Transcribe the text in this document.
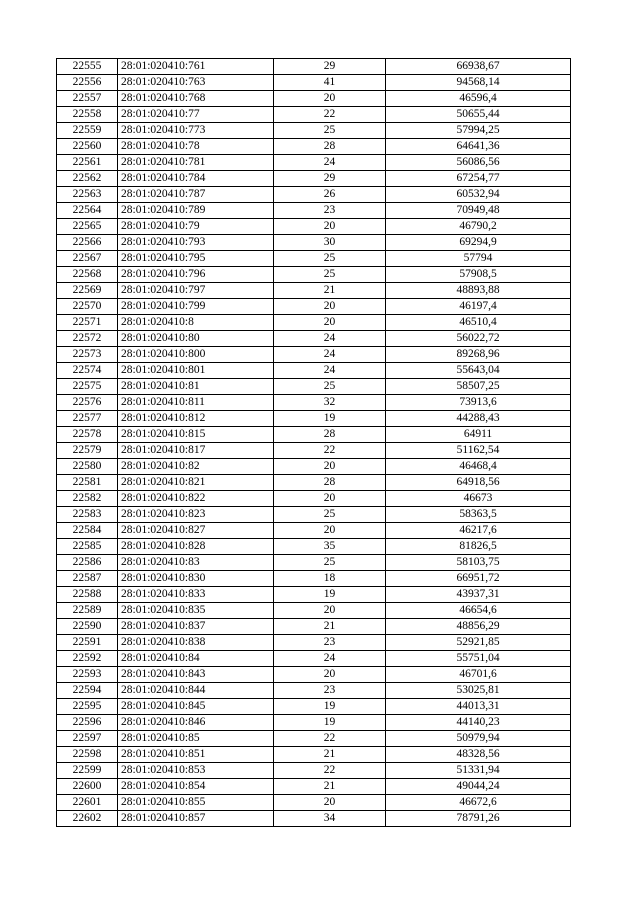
22555	28:01:020410:761	29	66938,67
22556	28:01:020410:763	41	94568,14
22557	28:01:020410:768	20	46596,4
22558	28:01:020410:77	22	50655,44
22559	28:01:020410:773	25	57994,25
22560	28:01:020410:78	28	64641,36
22561	28:01:020410:781	24	56086,56
22562	28:01:020410:784	29	67254,77
22563	28:01:020410:787	26	60532,94
22564	28:01:020410:789	23	70949,48
22565	28:01:020410:79	20	46790,2
22566	28:01:020410:793	30	69294,9
22567	28:01:020410:795	25	57794
22568	28:01:020410:796	25	57908,5
22569	28:01:020410:797	21	48893,88
22570	28:01:020410:799	20	46197,4
22571	28:01:020410:8	20	46510,4
22572	28:01:020410:80	24	56022,72
22573	28:01:020410:800	24	89268,96
22574	28:01:020410:801	24	55643,04
22575	28:01:020410:81	25	58507,25
22576	28:01:020410:811	32	73913,6
22577	28:01:020410:812	19	44288,43
22578	28:01:020410:815	28	64911
22579	28:01:020410:817	22	51162,54
22580	28:01:020410:82	20	46468,4
22581	28:01:020410:821	28	64918,56
22582	28:01:020410:822	20	46673
22583	28:01:020410:823	25	58363,5
22584	28:01:020410:827	20	46217,6
22585	28:01:020410:828	35	81826,5
22586	28:01:020410:83	25	58103,75
22587	28:01:020410:830	18	66951,72
22588	28:01:020410:833	19	43937,31
22589	28:01:020410:835	20	46654,6
22590	28:01:020410:837	21	48856,29
22591	28:01:020410:838	23	52921,85
22592	28:01:020410:84	24	55751,04
22593	28:01:020410:843	20	46701,6
22594	28:01:020410:844	23	53025,81
22595	28:01:020410:845	19	44013,31
22596	28:01:020410:846	19	44140,23
22597	28:01:020410:85	22	50979,94
22598	28:01:020410:851	21	48328,56
22599	28:01:020410:853	22	51331,94
22600	28:01:020410:854	21	49044,24
22601	28:01:020410:855	20	46672,6
22602	28:01:020410:857	34	78791,26
